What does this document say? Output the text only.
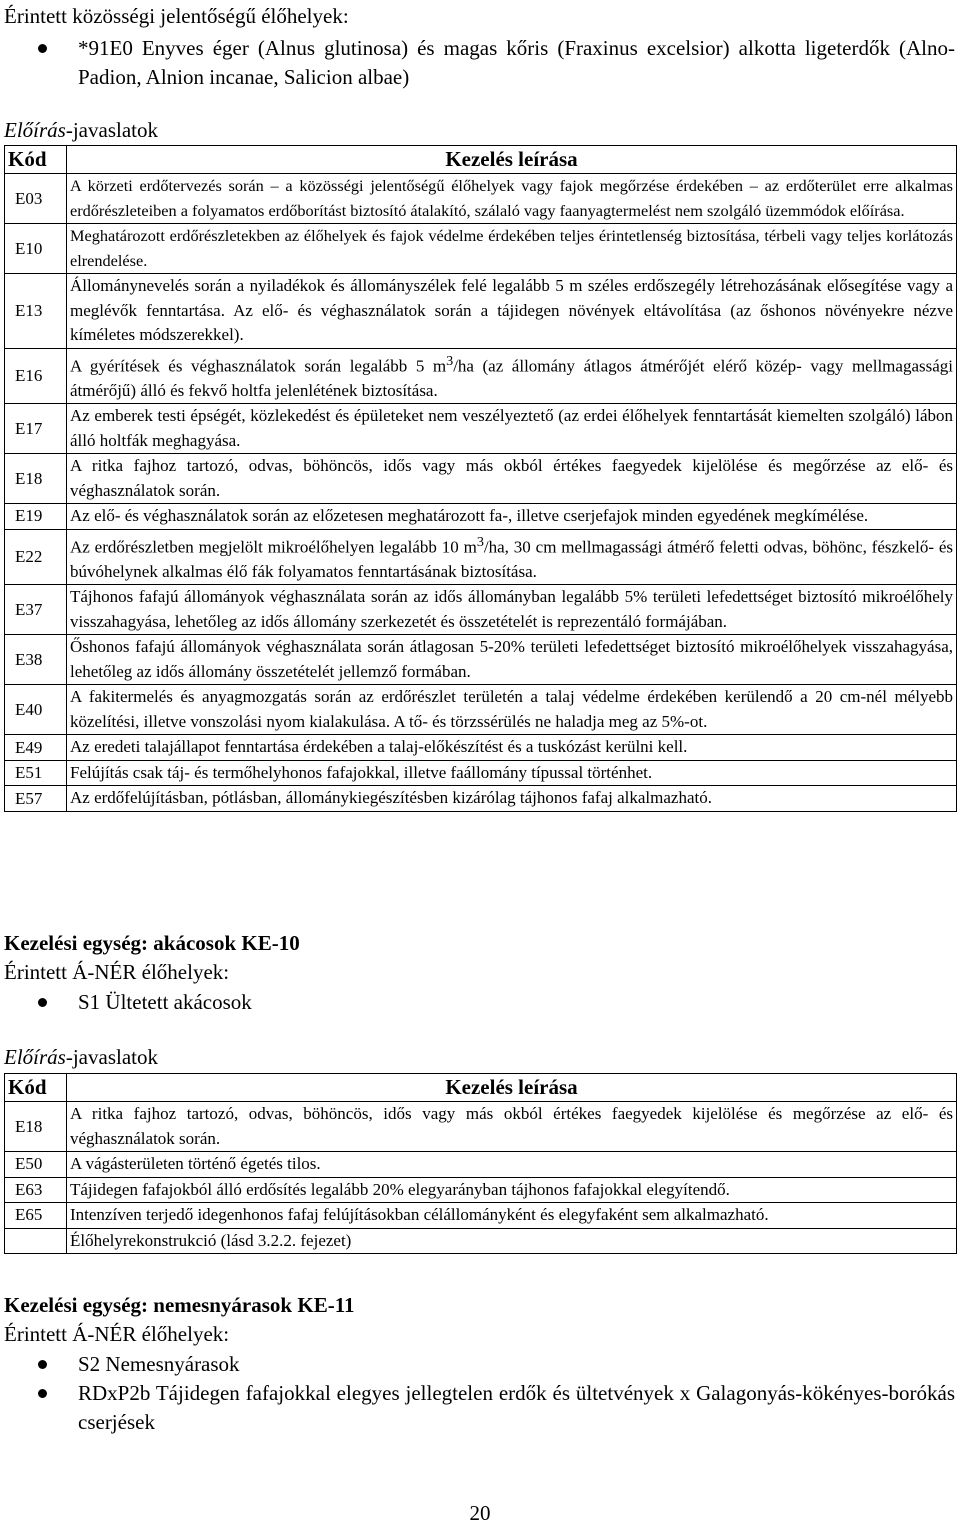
Érintett közösségi jelentőségű élőhelyek:
*91E0 Enyves éger (Alnus glutinosa) és magas kőris (Fraxinus excelsior) alkotta ligeterdők (Alno-Padion, Alnion incanae, Salicion albae)
Előírás-javaslatok
Kód	Kezelés leírása
E03	A körzeti erdőtervezés során – a közösségi jelentőségű élőhelyek vagy fajok megőrzése érdekében – az erdőterület erre alkalmas erdőrészleteiben a folyamatos erdőborítást biztosító átalakító, szálaló vagy faanyagtermelést nem szolgáló üzemmódok előírása.
E10	Meghatározott erdőrészletekben az élőhelyek és fajok védelme érdekében teljes érintetlenség biztosítása, térbeli vagy teljes korlátozás elrendelése.
E13	Állománynevelés során a nyiladékok és állományszélek felé legalább 5 m széles erdőszegély létrehozásának elősegítése vagy a meglévők fenntartása. Az elő- és véghasználatok során a tájidegen növények eltávolítása (az őshonos növényekre nézve kíméletes módszerekkel).
E16	A gyérítések és véghasználatok során legalább 5 $m^3/ha$ (az állomány átlagos átmérőjét elérő közép- vagy mellmagassági átmérőjű) álló és fekvő holtfa jelenlétének biztosítása.
E17	Az emberek testi épségét, közlekedést és épületeket nem veszélyeztető (az erdei élőhelyek fenntartását kiemelten szolgáló) lábon álló holtfák meghagyása.
E18	A ritka fajhoz tartozó, odvas, böhöncös, idős vagy más okból értékes faegyedek kijelölése és megőrzése az elő- és véghasználatok során.
E19	Az elő- és véghasználatok során az előzetesen meghatározott fa-, illetve cserjefajok minden egyedének megkímélése.
E22	Az erdőrészletben megjelölt mikroélőhelyen legalább 10 $m^3/ha$, 30 cm mellmagassági átmérő feletti odvas, böhönc, fészkelő- és búvóhelynek alkalmas élő fák folyamatos fenntartásának biztosítása.
E37	Tájhonos fafajú állományok véghasználata során az idős állományban legalább 5% területi lefedettséget biztosító mikroélőhely visszahagyása, lehetőleg az idős állomány szerkezetét és összetételét is reprezentáló formájában.
E38	Őshonos fafajú állományok véghasználata során átlagosan 5-20% területi lefedettséget biztosító mikroélőhelyek visszahagyása, lehetőleg az idős állomány összetételét jellemző formában.
E40	A fakitermelés és anyagmozgatás során az erdőrészlet területén a talaj védelme érdekében kerülendő a 20 cm-nél mélyebb közelítési, illetve vonszolási nyom kialakulása. A tő- és törzssérülés ne haladja meg az 5%-ot.
E49	Az eredeti talajállapot fenntartása érdekében a talaj-előkészítést és a tuskózást kerülni kell.
E51	Felújítás csak táj- és termőhelyhonos fafajokkal, illetve faállomány típussal történhet.
E57	Az erdőfelújításban, pótlásban, állománykiegészítésben kizárólag tájhonos fafaj alkalmazható.
Kezelési egység: akácosok KE-10
Érintett Á-NÉR élőhelyek:
S1 Ültetett akácosok
Előírás-javaslatok
Kód	Kezelés leírása
E18	A ritka fajhoz tartozó, odvas, böhöncös, idős vagy más okból értékes faegyedek kijelölése és megőrzése az elő- és véghasználatok során.
E50	A vágásterületen történő égetés tilos.
E63	Tájidegen fafajokból álló erdősítés legalább 20% elegyarányban tájhonos fafajokkal elegyítendő.
E65	Intenzíven terjedő idegenhonos fafaj felújításokban célállományként és elegyfaként sem alkalmazható.
	Élőhelyrekonstrukció (lásd 3.2.2. fejezet)
Kezelési egység: nemesnyárasok KE-11
Érintett Á-NÉR élőhelyek:
S2 Nemesnyárasok
RDxP2b Tájidegen fafajokkal elegyes jellegtelen erdők és ültetvények x Galagonyás-kökényes-borókás cserjések
20
